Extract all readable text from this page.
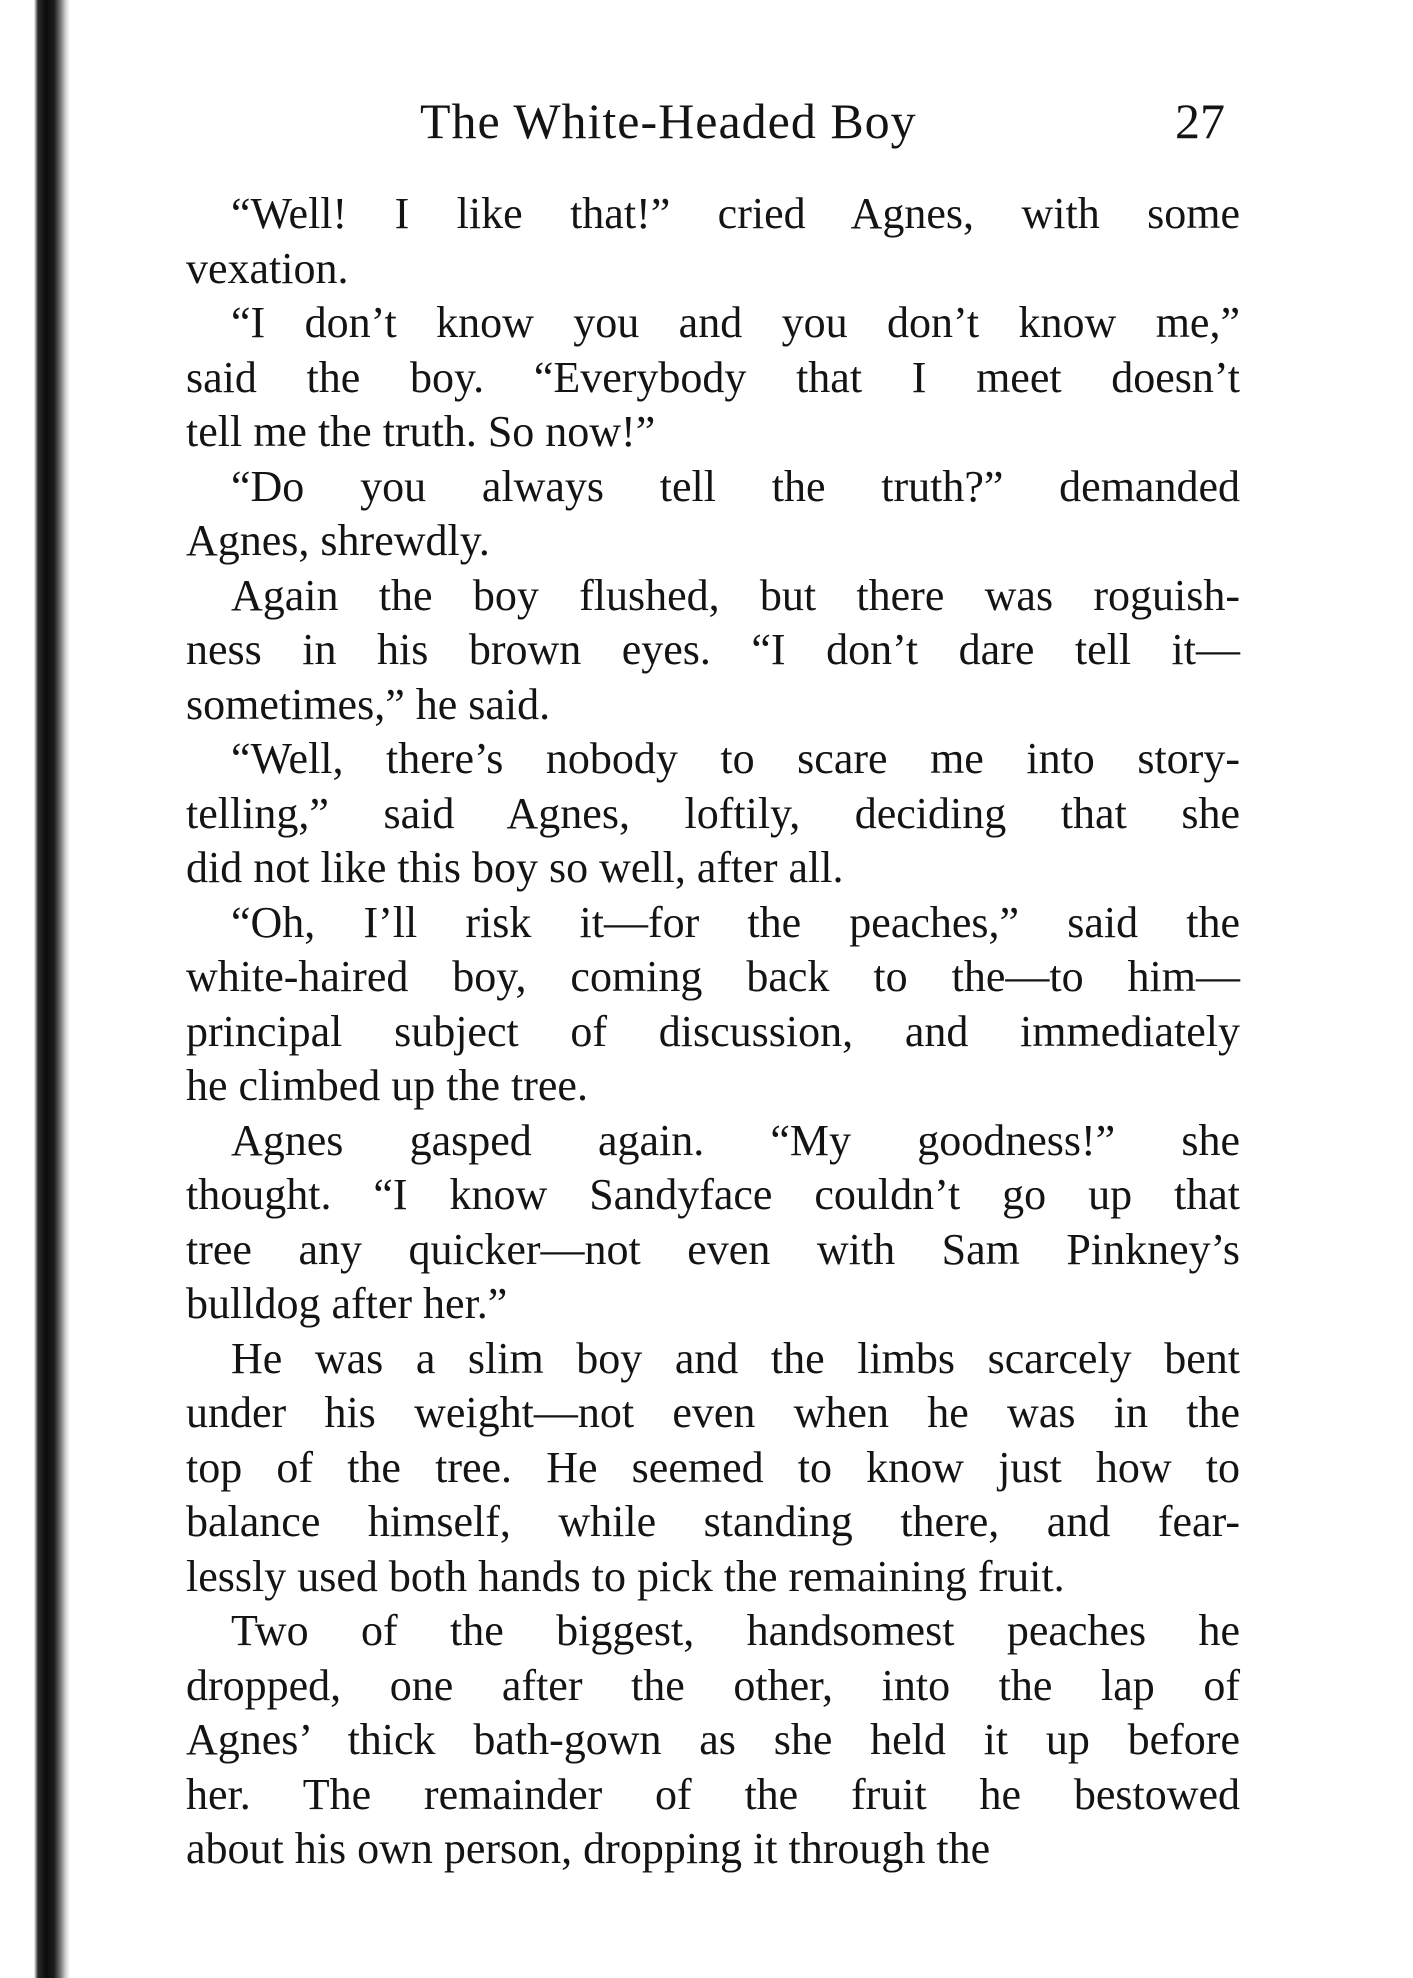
The White-Headed Boy	27
“Well! I like that!” cried Agnes, with some
vexation.
“I don’t know you and you don’t know me,”
said the boy. “Everybody that I meet doesn’t
tell me the truth. So now!”
“Do you always tell the truth?” demanded
Agnes, shrewdly.
Again the boy flushed, but there was roguish-
ness in his brown eyes. “I don’t dare tell it—
sometimes,” he said.
“Well, there’s nobody to scare me into story-
telling,” said Agnes, loftily, deciding that she
did not like this boy so well, after all.
“Oh, I’ll risk it—for the peaches,” said the
white-haired boy, coming back to the—to him—
principal subject of discussion, and immediately
he climbed up the tree.
Agnes gasped again. “My goodness!” she
thought. “I know Sandyface couldn’t go up that
tree any quicker—not even with Sam Pinkney’s
bulldog after her.”
He was a slim boy and the limbs scarcely bent
under his weight—not even when he was in the
top of the tree. He seemed to know just how to
balance himself, while standing there, and fear-
lessly used both hands to pick the remaining fruit.
Two of the biggest, handsomest peaches he
dropped, one after the other, into the lap of
Agnes’ thick bath-gown as she held it up before
her. The remainder of the fruit he bestowed
about his own person, dropping it through the
